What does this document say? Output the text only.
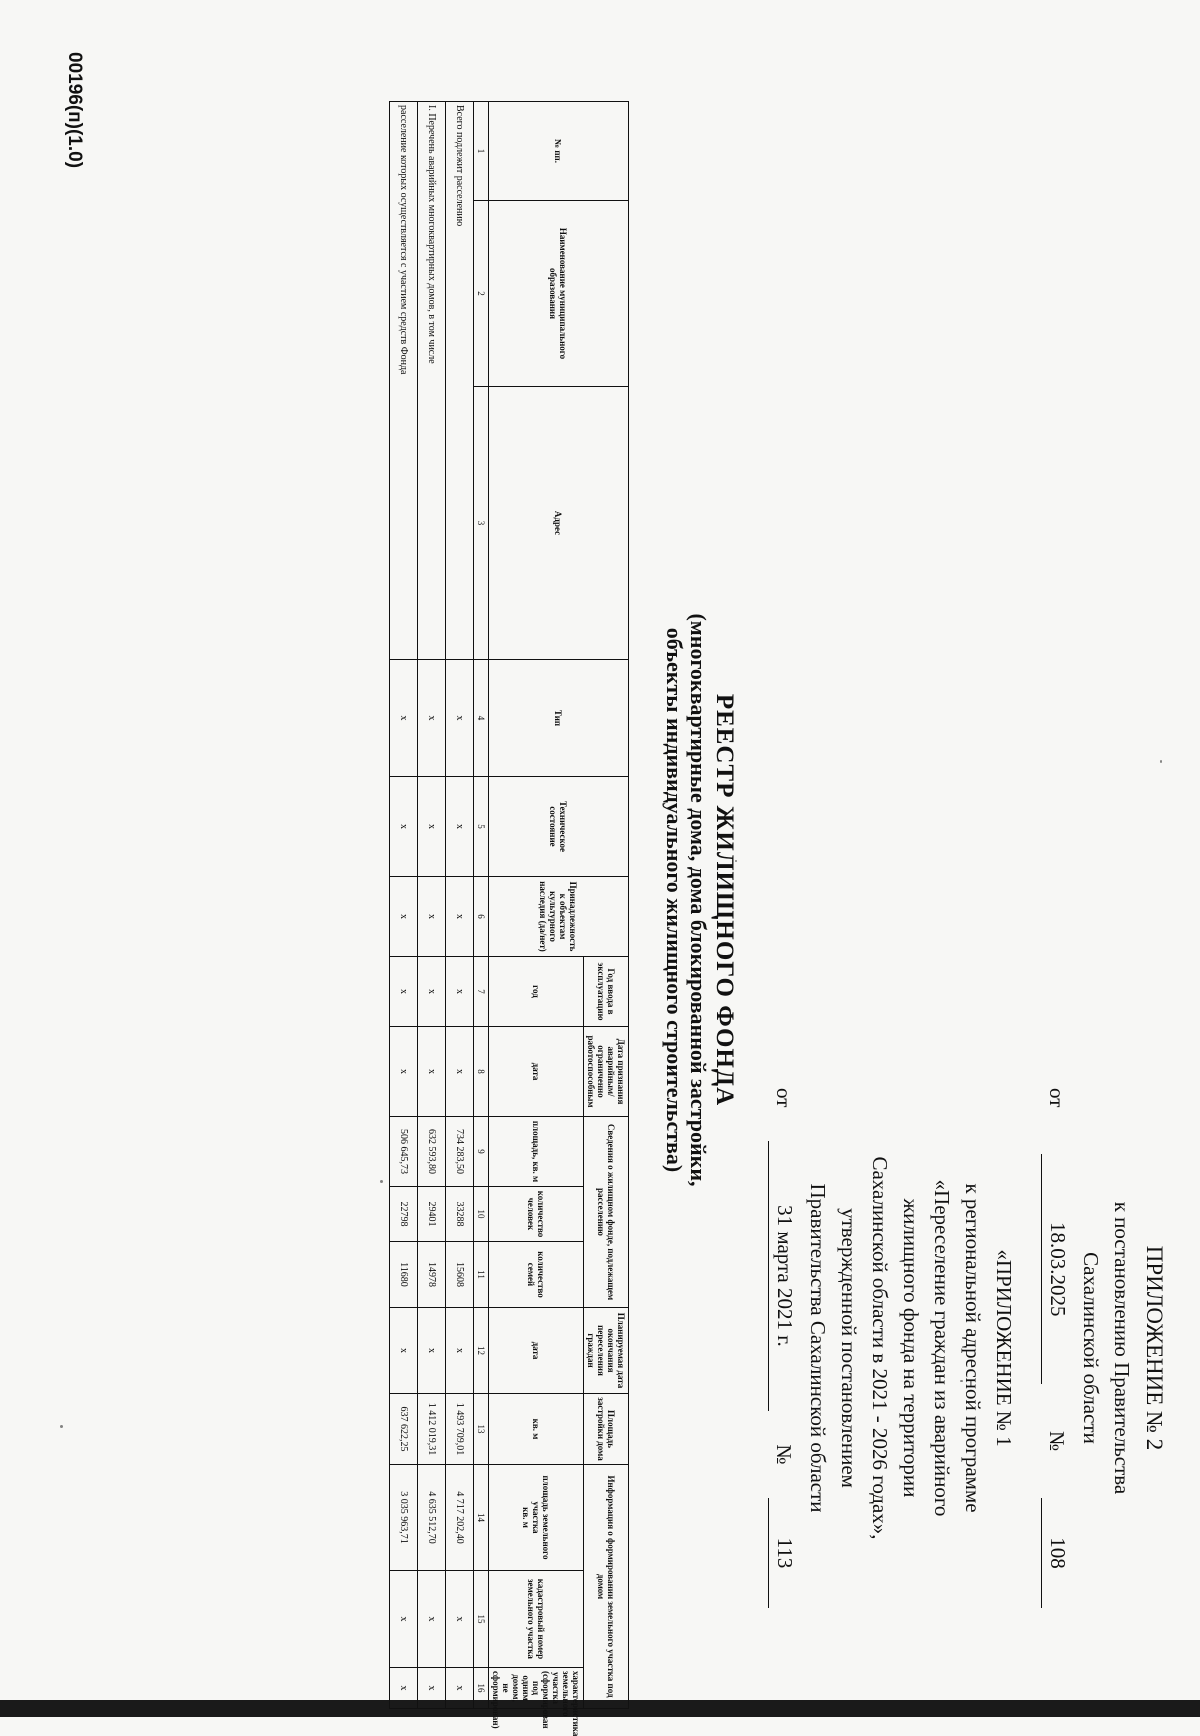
ПРИЛОЖЕНИЕ № 2
к постановлению Правительства
Сахалинской области
от
18.03.2025
№
108
«ПРИЛОЖЕНИЕ № 1
к региональной адресной программе
«Переселение граждан из аварийного
жилищного фонда на территории
Сахалинской области в 2021 - 2026 годах»,
утвержденной постановлением
Правительства Сахалинской области
от
31 марта 2021 г.
№
113
РЕЕСТР ЖИЛИЩНОГО ФОНДА
(многоквартирные дома, дома блокированной застройки,
объекты индивидуального жилищного строительства)
№ пп.	Наименование муниципального образования	Адрес	Тип	Техническое состояние	Принадлежность к объектам культурного наследия (да/нет)	Год ввода в эксплуатацию	Дата признания аварийным/ограниченно работоспособным	Сведения о жилищном фонде, подлежащем расселению			Планируемая дата окончания переселения граждан	Площадь застройки дома	Информация о формировании земельного участка под домом		
						год	дата	площадь, кв. м	количество человек	количество семей	дата	кв. м	площадь земельного участка
кв. м	кадастровый номер земельного участка	характеристика земельного участка (сформирован под одним домом, не сформирован)
1	2	3	4	5	6	7	8	9	10	11	12	13	14	15	16
Всего подлежит расселению			х	х	х	х	х	734 283,50	33288	15608	х	1 493 709,01	4 717 202,40	х	х
I. Перечень аварийных многоквартирных домов, в том числе			х	х	х	х	х	632 593,80	29401	14978	х	1 412 019,31	4 635 512,70	х	х
расселение которых осуществляется с участием средств Фонда			х	х	х	х	х	506 645,73	22798	11680	х	637 622,25	3 035 963,71	х	х
00196(п)(1.0)
